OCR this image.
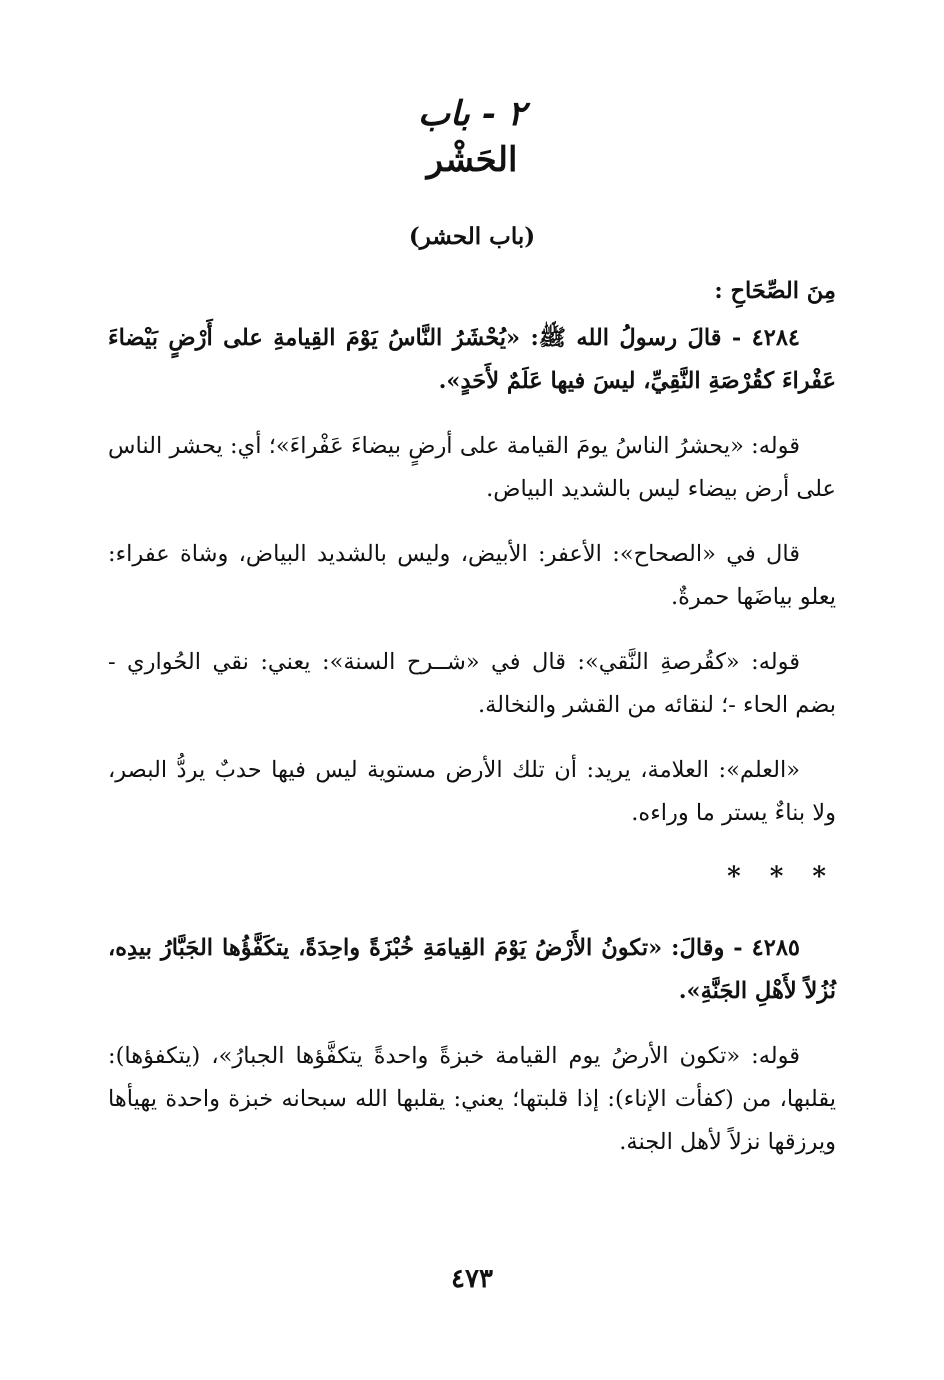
٢ - باب
الحَشْر
(باب الحشر)

مِنَ الصِّحَاحِ :

٤٢٨٤ - قالَ رسولُ الله ﷺ: «يُحْشَرُ النَّاسُ يَوْمَ القِيامةِ على أَرْضٍ بَيْضاءَ عَفْراءَ كقُرْصَةِ النَّقِيِّ، ليسَ فيها عَلَمٌ لأَحَدٍ».

قوله: «يحشرُ الناسُ يومَ القيامة على أرضٍ بيضاءَ عَفْراءَ»؛ أي: يحشر الناس على أرض بيضاء ليس بالشديد البياض.

قال في «الصحاح»: الأعفر: الأبيض، وليس بالشديد البياض، وشاة عفراء: يعلو بياضَها حمرةٌ.

قوله: «كقُرصةِ النَّقي»: قال في «شــرح السنة»: يعني: نقي الحُواري - بضم الحاء -؛ لنقائه من القشر والنخالة.

«العلم»: العلامة، يريد: أن تلك الأرض مستوية ليس فيها حدبٌ يردُّ البصر، ولا بناءٌ يستر ما وراءه.

* * *

٤٢٨٥ - وقالَ: «تكونُ الأَرْضُ يَوْمَ القِيامَةِ خُبْزَةً واحِدَةً، يتكَفَّؤُها الجَبَّارُ بيدِه، نُزُلاً لأَهْلِ الجَنَّةِ».

قوله: «تكون الأرضُ يوم القيامة خبزةً واحدةً يتكفَّؤها الجبارُ»، (يتكفؤها): يقلبها، من (كفأت الإناء): إذا قلبتها؛ يعني: يقلبها الله سبحانه خبزة واحدة يهيأها ويرزقها نزلاً لأهل الجنة.

٤٧٣
